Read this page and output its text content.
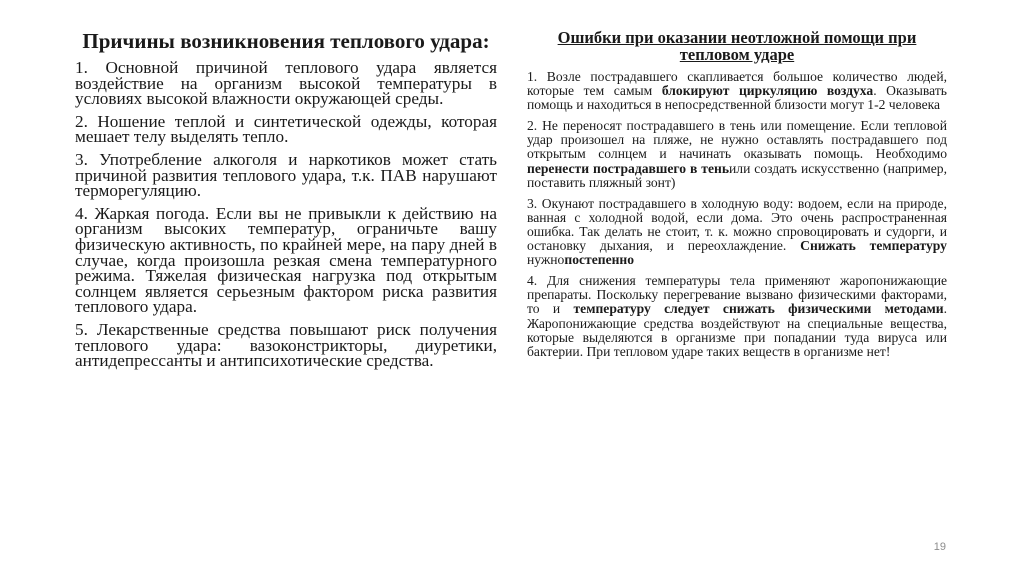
Причины возникновения теплового удара:

1. Основной причиной теплового удара является воздействие на организм высокой температуры в условиях высокой влажности окружающей среды.

2. Ношение теплой и синтетической одежды, которая мешает телу выделять тепло.

3. Употребление алкоголя и наркотиков может стать причиной развития теплового удара, т.к. ПАВ нарушают терморегуляцию.

4. Жаркая погода. Если вы не привыкли к действию на организм высоких температур, ограничьте вашу физическую активность, по крайней мере, на пару дней в случае, когда произошла резкая смена температурного режима. Тяжелая физическая нагрузка под открытым солнцем является серьезным фактором риска развития теплового удара.

5. Лекарственные средства повышают риск получения теплового удара: вазоконстрикторы, диуретики, антидепрессанты и антипсихотические средства.

Ошибки при оказании неотложной помощи при тепловом ударе

1. Возле пострадавшего скапливается большое количество людей, которые тем самым блокируют циркуляцию воздуха. Оказывать помощь и находиться в непосредственной близости могут 1-2 человека

2. Не переносят пострадавшего в тень или помещение. Если тепловой удар произошел на пляже, не нужно оставлять пострадавшего под открытым солнцем и начинать оказывать помощь. Необходимо перенести пострадавшего в теньили создать искусственно (например, поставить пляжный зонт)

3. Окунают пострадавшего в холодную воду: водоем, если на природе, ванная с холодной водой, если дома. Это очень распространенная ошибка. Так делать не стоит, т. к. можно спровоцировать и судорги, и остановку дыхания, и переохлаждение. Снижать температуру нужнопостепенно

4. Для снижения температуры тела применяют жаропонижающие препараты. Поскольку перегревание вызвано физическими факторами, то и температуру следует снижать физическими методами. Жаропонижающие средства воздействуют на специальные вещества, которые выделяются в организме при попадании туда вируса или бактерии. При тепловом ударе таких веществ в организме нет!

19
